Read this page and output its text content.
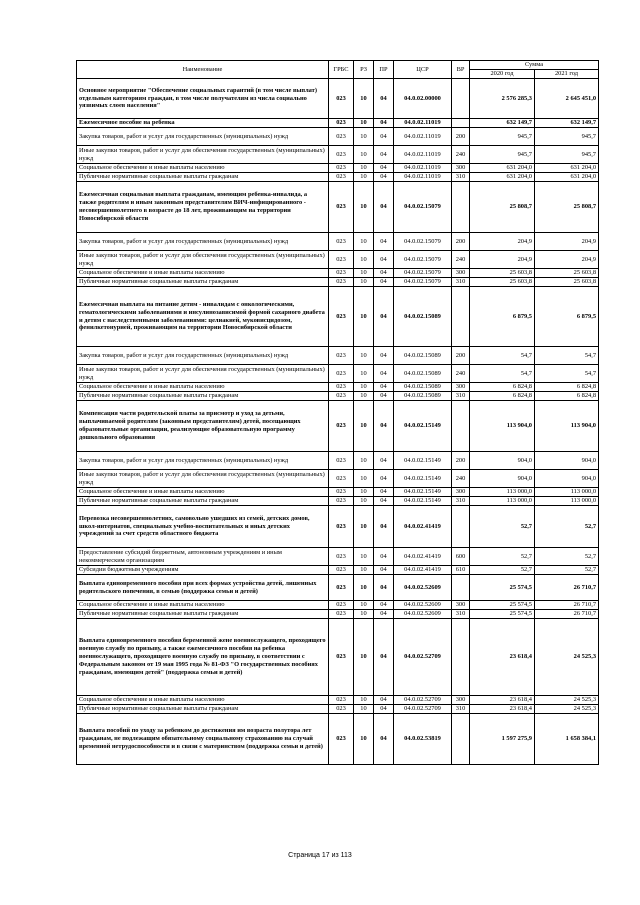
Наименование	ГРБС	РЗ	ПР	ЦСР	ВР	Сумма	
						2020 год	2021 год
Основное мероприятие "Обеспечение социальных гарантий (в том числе выплат) отдельным категориям граждан, в том числе получателям из числа социально уязвимых слоев населения"	023	10	04	04.0.02.00000		2 576 285,3	2 645 451,0
Ежемесячное пособие на ребенка	023	10	04	04.0.02.11019		632 149,7	632 149,7
Закупка товаров, работ и услуг для государственных (муниципальных) нужд	023	10	04	04.0.02.11019	200	945,7	945,7
Иные закупки товаров, работ и услуг для обеспечения государственных (муниципальных) нужд	023	10	04	04.0.02.11019	240	945,7	945,7
Социальное обеспечение и иные выплаты населению	023	10	04	04.0.02.11019	300	631 204,0	631 204,0
Публичные нормативные социальные выплаты гражданам	023	10	04	04.0.02.11019	310	631 204,0	631 204,0
Ежемесячная социальная выплата гражданам, имеющим ребенка-инвалида, а также родителям и иным законным представителям ВИЧ-инфицированного - несовершеннолетнего в возрасте до 18 лет, проживающим на территории Новосибирской области	023	10	04	04.0.02.15079		25 808,7	25 808,7
Закупка товаров, работ и услуг для государственных (муниципальных) нужд	023	10	04	04.0.02.15079	200	204,9	204,9
Иные закупки товаров, работ и услуг для обеспечения государственных (муниципальных) нужд	023	10	04	04.0.02.15079	240	204,9	204,9
Социальное обеспечение и иные выплаты населению	023	10	04	04.0.02.15079	300	25 603,8	25 603,8
Публичные нормативные социальные выплаты гражданам	023	10	04	04.0.02.15079	310	25 603,8	25 603,8
Ежемесячная выплата на питание детям - инвалидам с онкологическими, гематологическими заболеваниями и инсулинозависимой формой сахарного диабета и детям с наследственными заболеваниями: целиакией, муковисцидозом, фенилкетонурией, проживающим на территории Новосибирской области	023	10	04	04.0.02.15089		6 879,5	6 879,5
Закупка товаров, работ и услуг для государственных (муниципальных) нужд	023	10	04	04.0.02.15089	200	54,7	54,7
Иные закупки товаров, работ и услуг для обеспечения государственных (муниципальных) нужд	023	10	04	04.0.02.15089	240	54,7	54,7
Социальное обеспечение и иные выплаты населению	023	10	04	04.0.02.15089	300	6 824,8	6 824,8
Публичные нормативные социальные выплаты гражданам	023	10	04	04.0.02.15089	310	6 824,8	6 824,8
Компенсация части родительской платы за присмотр и уход за детьми, выплачиваемой родителям (законным представителям) детей, посещающих образовательные организации, реализующие образовательную программу дошкольного образования	023	10	04	04.0.02.15149		113 904,0	113 904,0
Закупка товаров, работ и услуг для государственных (муниципальных) нужд	023	10	04	04.0.02.15149	200	904,0	904,0
Иные закупки товаров, работ и услуг для обеспечения государственных (муниципальных) нужд	023	10	04	04.0.02.15149	240	904,0	904,0
Социальное обеспечение и иные выплаты населению	023	10	04	04.0.02.15149	300	113 000,0	113 000,0
Публичные нормативные социальные выплаты гражданам	023	10	04	04.0.02.15149	310	113 000,0	113 000,0
Перевозка несовершеннолетних, самовольно ушедших из семей, детских домов, школ-интернатов, специальных учебно-воспитательных и иных детских учреждений за счет средств областного бюджета	023	10	04	04.0.02.41419		52,7	52,7
Предоставление субсидий бюджетным, автономным учреждениям и иным некоммерческим организациям	023	10	04	04.0.02.41419	600	52,7	52,7
Субсидии бюджетным учреждениям	023	10	04	04.0.02.41419	610	52,7	52,7
Выплата единовременного пособия при всех формах устройства детей, лишенных родительского попечения, в семью (поддержка семьи и детей)	023	10	04	04.0.02.52609		25 574,5	26 710,7
Социальное обеспечение и иные выплаты населению	023	10	04	04.0.02.52609	300	25 574,5	26 710,7
Публичные нормативные социальные выплаты гражданам	023	10	04	04.0.02.52609	310	25 574,5	26 710,7
Выплата единовременного пособия беременной жене военнослужащего, проходящего военную службу по призыву, а также ежемесячного пособия на ребенка военнослужащего, проходящего военную службу по призыву, в соответствии с Федеральным законом от 19 мая 1995 года № 81-ФЗ "О государственных пособиях гражданам, имеющим детей" (поддержка семьи и детей)	023	10	04	04.0.02.52709		23 618,4	24 525,3
Социальное обеспечение и иные выплаты населению	023	10	04	04.0.02.52709	300	23 618,4	24 525,3
Публичные нормативные социальные выплаты гражданам	023	10	04	04.0.02.52709	310	23 618,4	24 525,3
Выплата пособий по уходу за ребенком до достижения им возраста полутора лет гражданам, не подлежащим обязательному социальному страхованию на случай временной нетрудоспособности и в связи с материнством (поддержка семьи и детей)	023	10	04	04.0.02.53819		1 597 275,9	1 658 384,1
Страница 17 из 113
